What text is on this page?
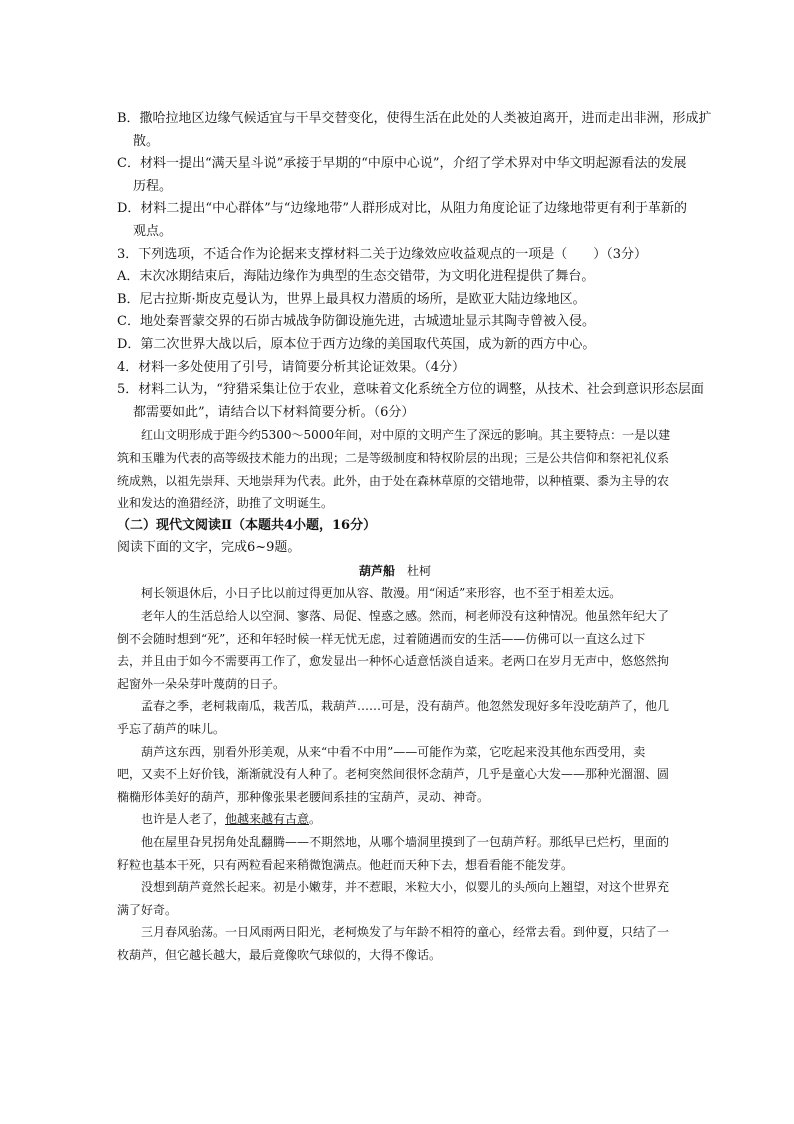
B．撒哈拉地区边缘气候适宜与干旱交替变化，使得生活在此处的人类被迫离开，进而走出非洲，形成扩
散。
C．材料一提出“满天星斗说”承接于早期的“中原中心说”，介绍了学术界对中华文明起源看法的发展
历程。
D．材料二提出“中心群体”与“边缘地带”人群形成对比，从阻力角度论证了边缘地带更有利于革新的
观点。
3．下列选项，不适合作为论据来支撑材料二关于边缘效应收益观点的一项是（　　）（3分）
A．末次冰期结束后，海陆边缘作为典型的生态交错带，为文明化进程提供了舞台。
B．尼古拉斯·斯皮克曼认为，世界上最具权力潜质的场所，是欧亚大陆边缘地区。
C．地处秦晋蒙交界的石峁古城战争防御设施先进，古城遗址显示其陶寺曾被入侵。
D．第二次世界大战以后，原本位于西方边缘的美国取代英国，成为新的西方中心。
4．材料一多处使用了引号，请简要分析其论证效果。（4分）
5．材料二认为，“狩猎采集让位于农业，意味着文化系统全方位的调整，从技术、社会到意识形态层面
都需要如此”，请结合以下材料简要分析。（6分）
红山文明形成于距今约5300～5000年间，对中原的文明产生了深远的影响。其主要特点：一是以建
筑和玉雕为代表的高等级技术能力的出现；二是等级制度和特权阶层的出现；三是公共信仰和祭祀礼仪系
统成熟，以祖先崇拜、天地崇拜为代表。此外，由于处在森林草原的交错地带，以种植粟、黍为主导的农
业和发达的渔猎经济，助推了文明诞生。
（二）现代文阅读Ⅱ（本题共4小题，16分）
阅读下面的文字，完成6~9题。
葫芦船　 杜柯
柯长领退休后，小日子比以前过得更加从容、散漫。用“闲适”来形容，也不至于相差太远。
老年人的生活总给人以空洞、寥落、局促、惶惑之感。然而，柯老师没有这种情况。他虽然年纪大了
倒不会随时想到“死”，还和年轻时候一样无忧无虑，过着随遇而安的生活——仿佛可以一直这么过下
去，并且由于如今不需要再工作了，愈发显出一种怀心适意恬淡自适来。老两口在岁月无声中，悠悠然拘
起窗外一朵朵芽叶蔑荫的日子。
孟春之季，老柯栽南瓜，栽苦瓜，栽葫芦……可是，没有葫芦。他忽然发现好多年没吃葫芦了，他几
乎忘了葫芦的味儿。
葫芦这东西，别看外形美观，从来“中看不中用”——可能作为菜，它吃起来没其他东西受用，卖
吧，又卖不上好价钱，渐渐就没有人种了。老柯突然间很怀念葫芦，几乎是童心大发——那种光溜溜、圆
椭椭形体美好的葫芦，那种像张果老腰间系挂的宝葫芦，灵动、神奇。
也许是人老了，他越来越有古意。
他在屋里旮旯拐角处乱翻腾——不期然地，从哪个墙洞里摸到了一包葫芦籽。那纸早已烂朽，里面的
籽粒也基本干死，只有两粒看起来稍微饱满点。他赶而天种下去，想看看能不能发芽。
没想到葫芦竟然长起来。初是小嫩芽，并不惹眼，米粒大小，似婴儿的头颅向上翘望，对这个世界充
满了好奇。
三月春风骀荡。一日风雨两日阳光，老柯焕发了与年龄不相符的童心，经常去看。到仲夏，只结了一
枚葫芦，但它越长越大，最后竟像吹气球似的，大得不像话。
